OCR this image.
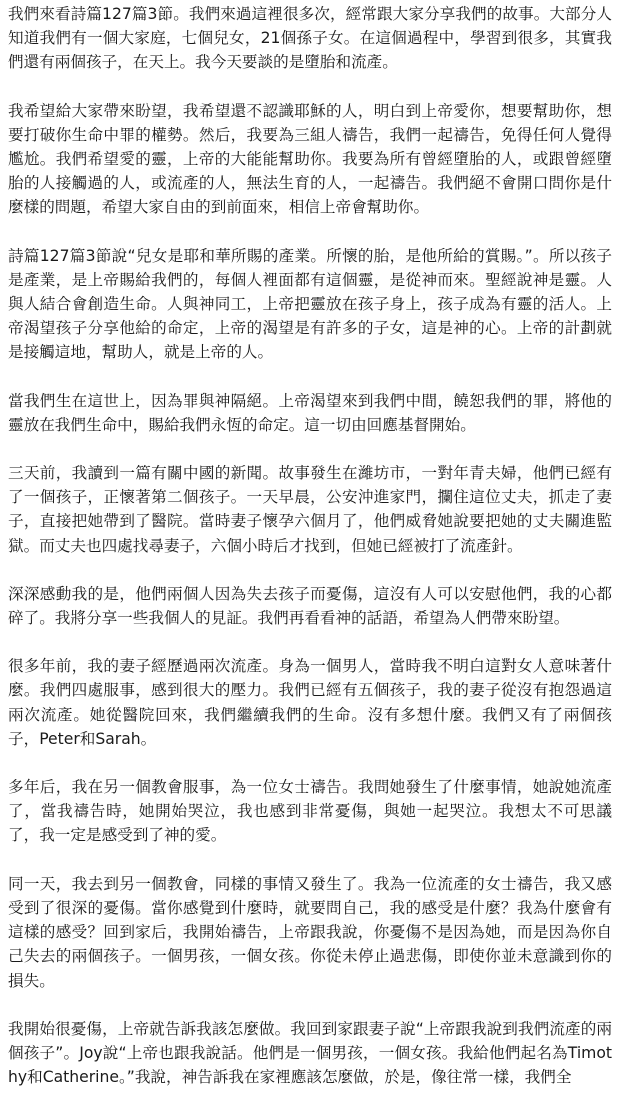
我們來看詩篇127篇3節。我們來過這裡很多次，經常跟大家分享我們的故事。大部分人知道我們有一個大家庭，七個兒女，21個孫子女。在這個過程中，學習到很多，其實我們還有兩個孩子，在天上。我今天要談的是墮胎和流產。

我希望給大家帶來盼望，我希望還不認識耶穌的人，明白到上帝愛你，想要幫助你，想要打破你生命中罪的權勢。然后，我要為三組人禱告，我們一起禱告，免得任何人覺得尷尬。我們希望愛的靈，上帝的大能能幫助你。我要為所有曾經墮胎的人，或跟曾經墮胎的人接觸過的人，或流產的人，無法生育的人，一起禱告。我們絕不會開口問你是什麼樣的問題，希望大家自由的到前面來，相信上帝會幫助你。

詩篇127篇3節說“兒女是耶和華所賜的產業。所懷的胎，是他所給的賞賜。”。所以孩子是產業，是上帝賜給我們的，每個人裡面都有這個靈，是從神而來。聖經說神是靈。人與人結合會創造生命。人與神同工，上帝把靈放在孩子身上，孩子成為有靈的活人。上帝渴望孩子分享他給的命定，上帝的渴望是有許多的子女，這是神的心。上帝的計劃就是接觸這地，幫助人，就是上帝的人。

當我們生在這世上，因為罪與神隔絕。上帝渴望來到我們中間，饒恕我們的罪，將他的靈放在我們生命中，賜給我們永恆的命定。這一切由回應基督開始。

三天前，我讀到一篇有關中國的新聞。故事發生在濰坊市，一對年青夫婦，他們已經有了一個孩子，正懷著第二個孩子。一天早晨，公安沖進家門，攔住這位丈夫，抓走了妻子，直接把她帶到了醫院。當時妻子懷孕六個月了，他們威脅她說要把她的丈夫關進監獄。而丈夫也四處找尋妻子，六個小時后才找到，但她已經被打了流產針。

深深感動我的是，他們兩個人因為失去孩子而憂傷，這沒有人可以安慰他們，我的心都碎了。我將分享一些我個人的見証。我們再看看神的話語，希望為人們帶來盼望。

很多年前，我的妻子經歷過兩次流產。身為一個男人，當時我不明白這對女人意味著什麼。我們四處服事，感到很大的壓力。我們已經有五個孩子，我的妻子從沒有抱怨過這兩次流產。她從醫院回來，我們繼續我們的生命。沒有多想什麼。我們又有了兩個孩子，Peter和Sarah。

多年后，我在另一個教會服事，為一位女士禱告。我問她發生了什麼事情，她說她流產了，當我禱告時，她開始哭泣，我也感到非常憂傷，與她一起哭泣。我想太不可思議了，我一定是感受到了神的愛。

同一天，我去到另一個教會，同樣的事情又發生了。我為一位流產的女士禱告，我又感受到了很深的憂傷。當你感覺到什麼時，就要問自己，我的感受是什麼？我為什麼會有這樣的感受？回到家后，我開始禱告，上帝跟我說，你憂傷不是因為她，而是因為你自己失去的兩個孩子。一個男孩，一個女孩。你從未停止過悲傷，即使你並未意識到你的損失。

我開始很憂傷，上帝就告訴我該怎麼做。我回到家跟妻子說“上帝跟我說到我們流產的兩個孩子”。Joy說“上帝也跟我說話。他們是一個男孩，一個女孩。我給他們起名為Timothy和Catherine。”我說，神告訴我在家裡應該怎麼做，於是，像往常一樣，我們全
